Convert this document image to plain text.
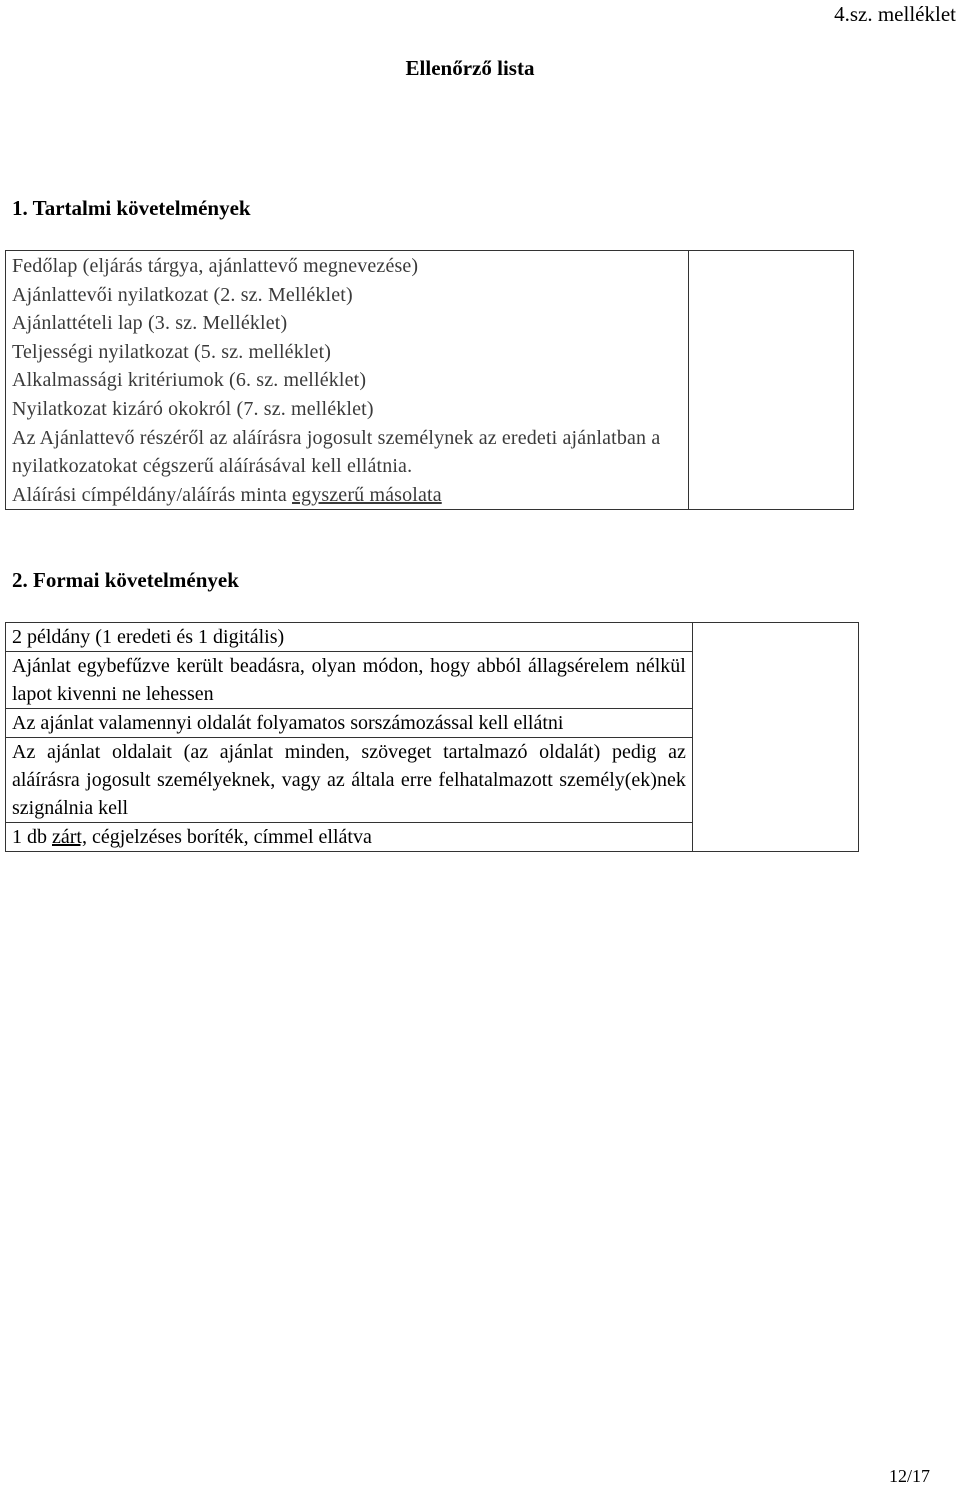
4.sz. melléklet
Ellenőrző lista
1. Tartalmi követelmények
Fedőlap (eljárás tárgya, ajánlattevő megnevezése)
Ajánlattevői nyilatkozat (2. sz. Melléklet)
Ajánlattételi lap (3. sz. Melléklet)
Teljességi nyilatkozat (5. sz. melléklet)
Alkalmassági kritériumok (6. sz. melléklet)
Nyilatkozat kizáró okokról (7. sz. melléklet)
Az Ajánlattevő részéről az aláírásra jogosult személynek az eredeti ajánlatban a nyilatkozatokat cégszerű aláírásával kell ellátnia.
Aláírási címpéldány/aláírás minta egyszerű másolata

2. Formai követelmények
2 példány (1 eredeti és 1 digitális)	
Ajánlat egybefűzve került beadásra, olyan módon, hogy abból állagsérelem nélkül lapot kivenni ne lehessen
Az ajánlat valamennyi oldalát folyamatos sorszámozással kell ellátni
Az ajánlat oldalait (az ajánlat minden, szöveget tartalmazó oldalát) pedig az aláírásra jogosult személyeknek, vagy az általa erre felhatalmazott személy(ek)nek szignálnia kell
1 db zárt, cégjelzéses boríték, címmel ellátva
12/17
